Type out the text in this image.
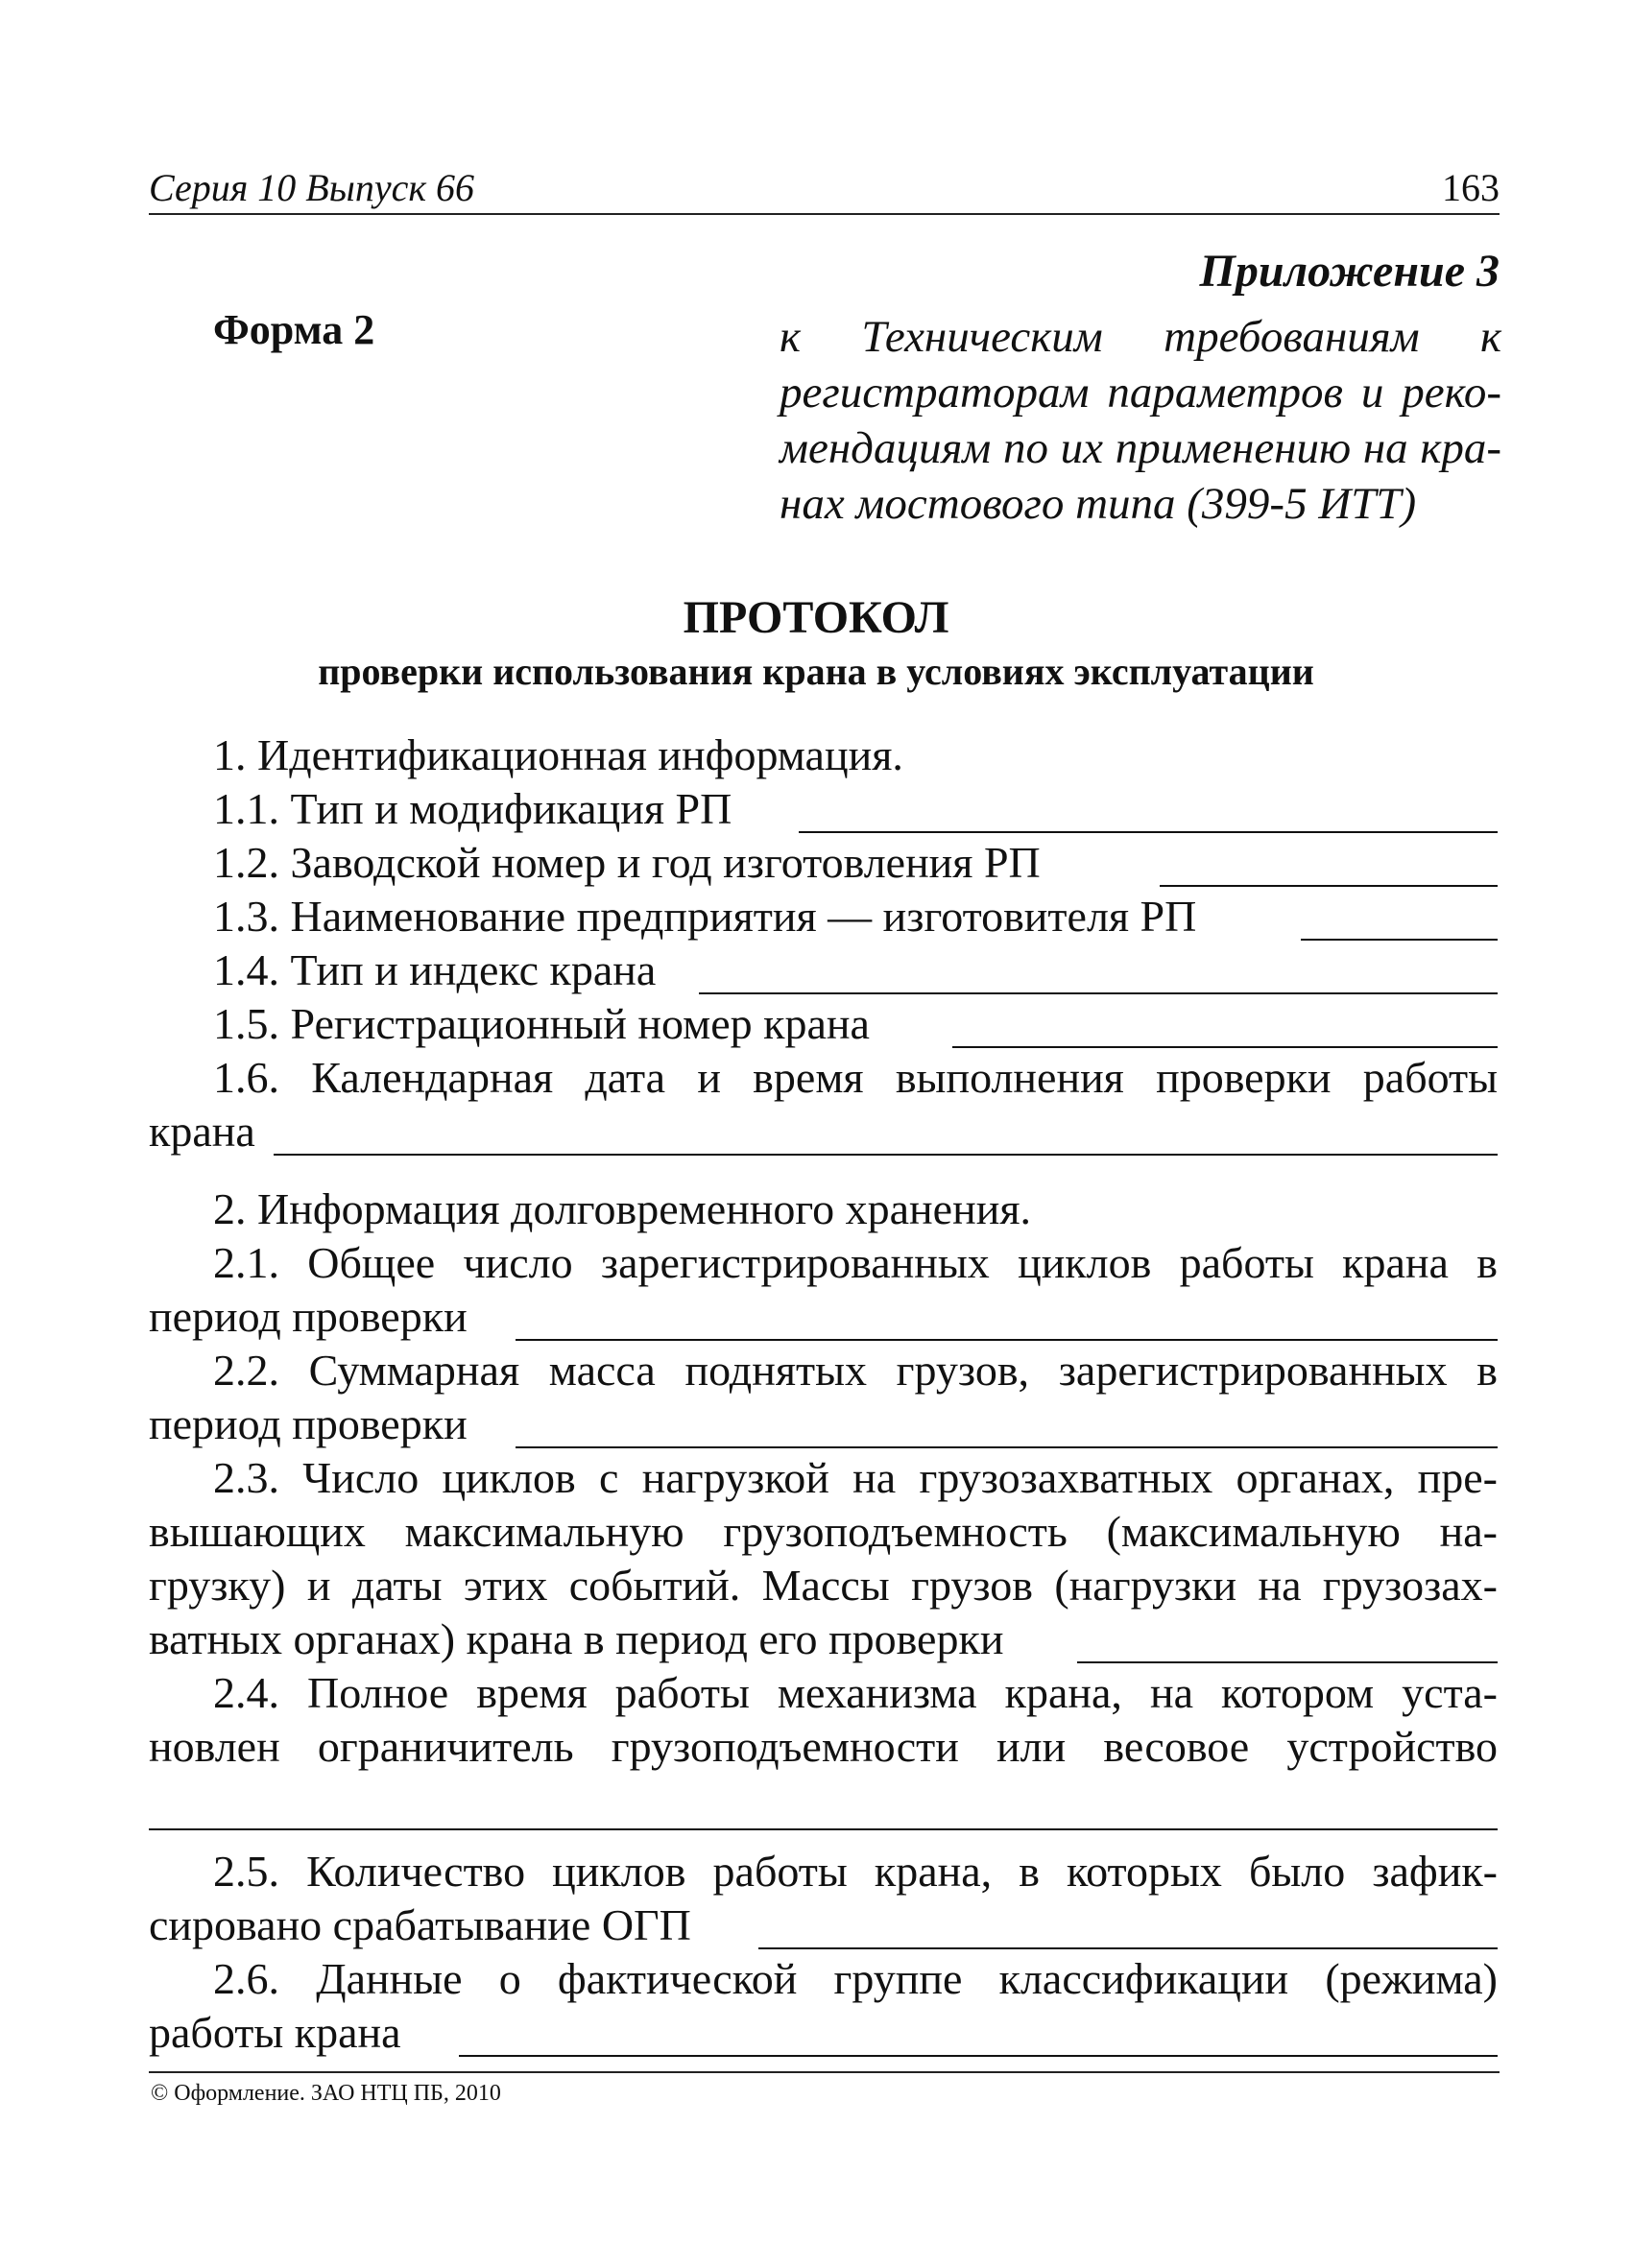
Серия 10 Выпуск 66	163
Приложение 3
Форма 2	к Техническим требованиям к
регистраторам параметров и реко-
мендациям по их применению на кра-
нах мостового типа (399-5 ИТТ)
ПРОТОКОЛ
проверки использования крана в условиях эксплуатации
1. Идентификационная информация.
1.1. Тип и модификация РП
1.2. Заводской номер и год изготовления РП
1.3. Наименование предприятия — изготовителя РП
1.4. Тип и индекс крана
1.5. Регистрационный номер крана
1.6. Календарная дата и время выполнения проверки работы
крана
2. Информация долговременного хранения.
2.1. Общее число зарегистрированных циклов работы крана в
период проверки
2.2. Суммарная масса поднятых грузов, зарегистрированных в
период проверки
2.3. Число циклов с нагрузкой на грузозахватных органах, пре-
вышающих максимальную грузоподъемность (максимальную на-
грузку) и даты этих событий. Массы грузов (нагрузки на грузозах-
ватных органах) крана в период его проверки
2.4. Полное время работы механизма крана, на котором уста-
новлен ограничитель грузоподъемности или весовое устройство
2.5. Количество циклов работы крана, в которых было зафик-
сировано срабатывание ОГП
2.6. Данные о фактической группе классификации (режима)
работы крана
© Оформление. ЗАО НТЦ ПБ, 2010
